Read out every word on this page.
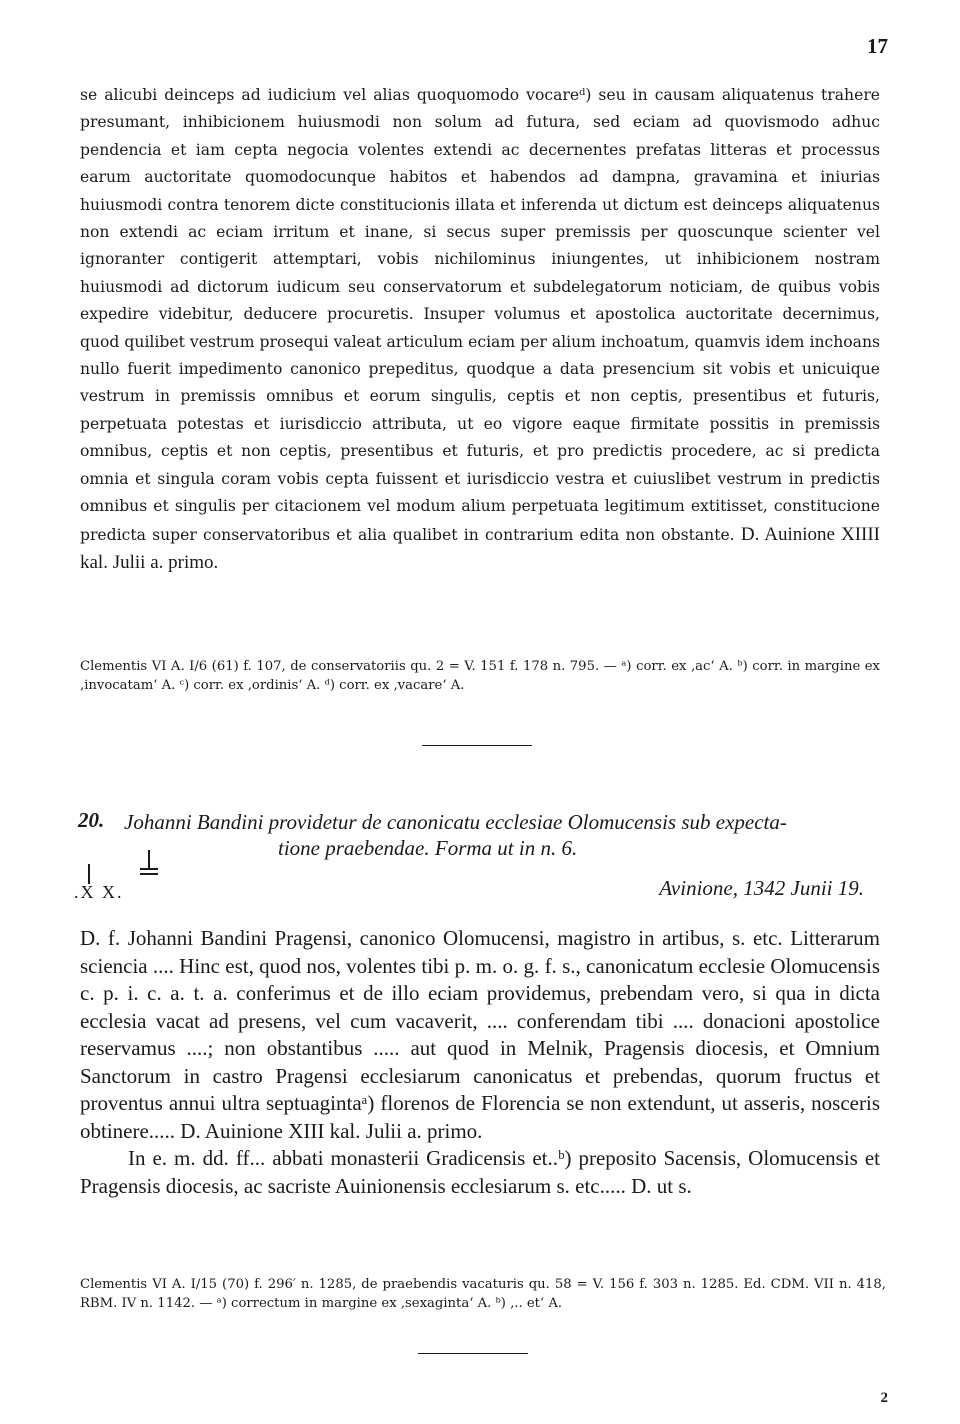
17
se alicubi deinceps ad iudicium vel alias quoquomodo vocareᵈ) seu in causam aliquatenus trahere presumant, inhibicionem huiusmodi non solum ad futura, sed eciam ad quovismodo adhuc pendencia et iam cepta negocia volentes extendi ac decernentes prefatas litteras et processus earum auctoritate quomodocunque habitos et habendos ad dampna, gravamina et iniurias huiusmodi contra tenorem dicte constitucionis illata et inferenda ut dictum est deinceps aliquatenus non extendi ac eciam irritum et inane, si secus super premissis per quoscunque scienter vel ignoranter contigerit attemptari, vobis nichilominus iniungentes, ut inhibicionem nostram huiusmodi ad dictorum iudicum seu conservatorum et subdelegatorum noticiam, de quibus vobis expedire videbitur, deducere procuretis. Insuper volumus et apostolica auctoritate decernimus, quod quilibet vestrum prosequi valeat articulum eciam per alium inchoatum, quamvis idem inchoans nullo fuerit impedimento canonico prepeditus, quodque a data presencium sit vobis et unicuique vestrum in premissis omnibus et eorum singulis, ceptis et non ceptis, presentibus et futuris, perpetuata potestas et iurisdiccio attributa, ut eo vigore eaque firmitate possitis in premissis omnibus, ceptis et non ceptis, presentibus et futuris, et pro predictis procedere, ac si predicta omnia et singula coram vobis cepta fuissent et iurisdiccio vestra et cuiuslibet vestrum in predictis omnibus et singulis per citacionem vel modum alium perpetuata legitimum extitisset, constitucione predicta super conservatoribus et alia qualibet in contrarium edita non obstante. D. Auinione XIIII kal. Julii a. primo.
Clementis VI A. I/6 (61) f. 107, de conservatoriis qu. 2 = V. 151 f. 178 n. 795. — ᵃ) corr. ex ‚ac‘ A. ᵇ) corr. in margine ex ‚invocatam‘ A. ᶜ) corr. ex ‚ordinis‘ A. ᵈ) corr. ex ‚vacare‘ A.
20. Johanni Bandini providetur de canonicatu ecclesiae Olomucensis sub expecta-
tione praebendae. Forma ut in n. 6.
.X X.	Avinione, 1342 Junii 19.

D. f. Johanni Bandini Pragensi, canonico Olomucensi, magistro in artibus, s. etc. Litterarum sciencia .... Hinc est, quod nos, volentes tibi p. m. o. g. f. s., canonicatum ecclesie Olomucensis c. p. i. c. a. t. a. conferimus et de illo eciam providemus, prebendam vero, si qua in dicta ecclesia vacat ad presens, vel cum vacaverit, .... conferendam tibi .... donacioni apostolice reservamus ....; non obstantibus ..... aut quod in Melnik, Pragensis diocesis, et Omnium Sanctorum in castro Pragensi ecclesiarum canonicatus et prebendas, quorum fructus et proventus annui ultra septuagintaᵃ) florenos de Florencia se non extendunt, ut asseris, nosceris obtinere..... D. Auinione XIII kal. Julii a. primo.

In e. m. dd. ff... abbati monasterii Gradicensis et..ᵇ) preposito Sacensis, Olomucensis et Pragensis diocesis, ac sacriste Auinionensis ecclesiarum s. etc..... D. ut s.

Clementis VI A. I/15 (70) f. 296′ n. 1285, de praebendis vacaturis qu. 58 = V. 156 f. 303 n. 1285. Ed. CDM. VII n. 418, RBM. IV n. 1142. — ᵃ) correctum in margine ex ‚sexaginta‘ A. ᵇ) ‚.. et‘ A.
2
